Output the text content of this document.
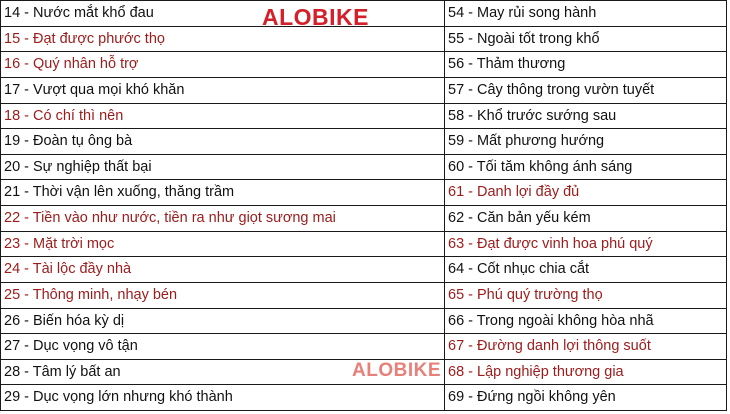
14 - Nước mắt khổ đau	54 - May rủi song hành
15 - Đạt được phước thọ	55 - Ngoài tốt trong khổ
16 - Quý nhân hỗ trợ	56 - Thảm thương
17 - Vượt qua mọi khó khăn	57 - Cây thông trong vườn tuyết
18 - Có chí thì nên	58 - Khổ trước sướng sau
19 - Đoàn tụ ông bà	59 - Mất phương hướng
20 - Sự nghiệp thất bại	60 - Tối tăm không ánh sáng
21 - Thời vận lên xuống, thăng trầm	61 - Danh lợi đầy đủ
22 - Tiền vào như nước, tiền ra như giọt sương mai	62 - Căn bản yếu kém
23 - Mặt trời mọc	63 - Đạt được vinh hoa phú quý
24 - Tài lộc đầy nhà	64 - Cốt nhục chia cắt
25 - Thông minh, nhạy bén	65 - Phú quý trường thọ
26 - Biến hóa kỳ dị	66 - Trong ngoài không hòa nhã
27 - Dục vọng vô tận	67 - Đường danh lợi thông suốt
28 - Tâm lý bất an	68 - Lập nghiệp thương gia
29 - Dục vọng lớn nhưng khó thành	69 - Đứng ngồi không yên
ALOBIKE
ALOBIKE
